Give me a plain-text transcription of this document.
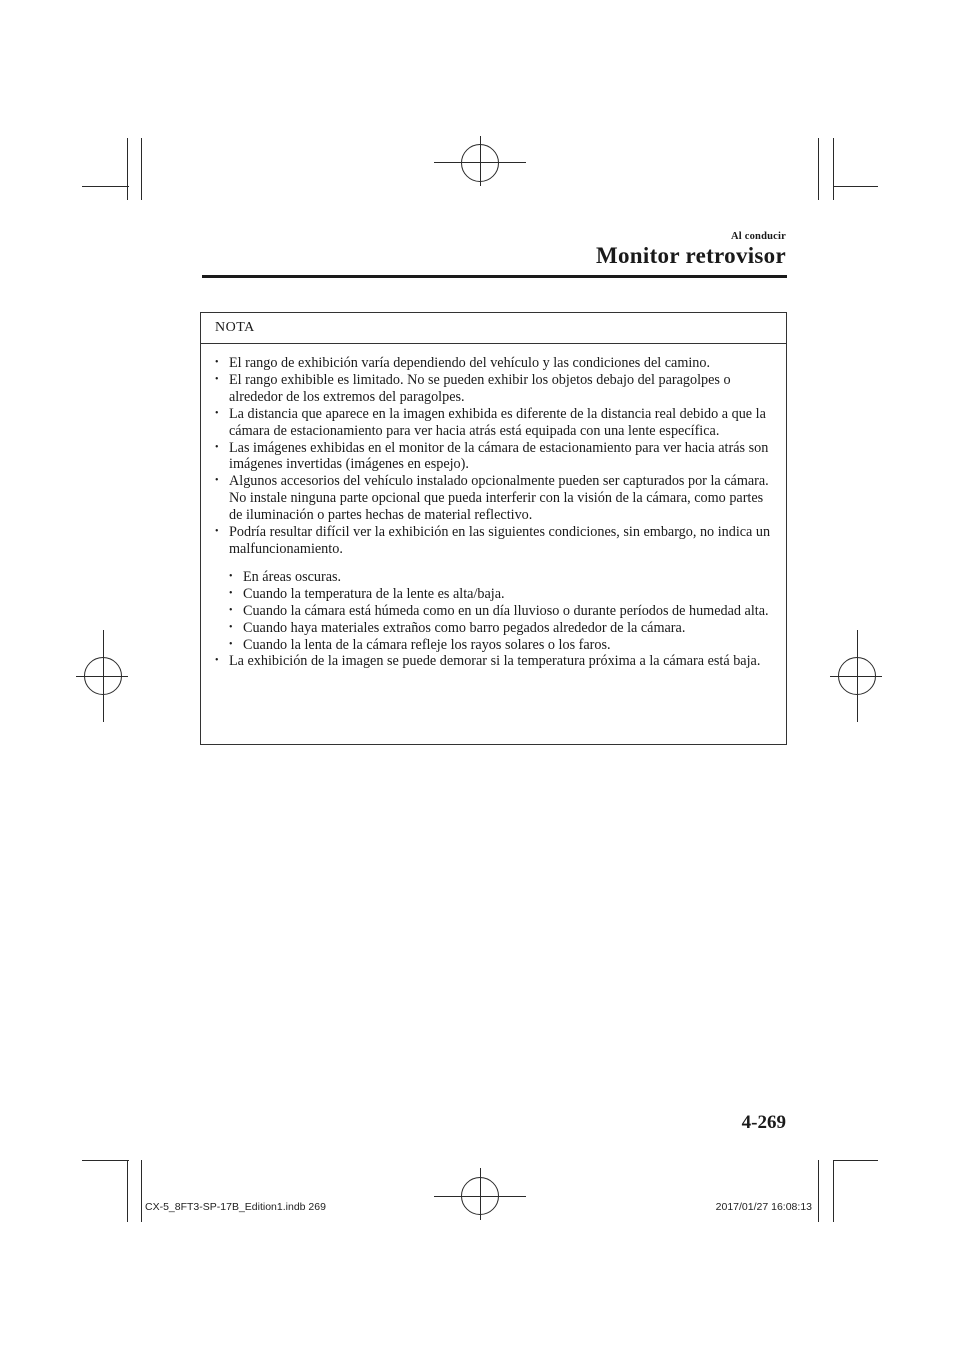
Al conducir
Monitor retrovisor
NOTA
• El rango de exhibición varía dependiendo del vehículo y las condiciones del camino.
• El rango exhibible es limitado. No se pueden exhibir los objetos debajo del paragolpes o alrededor de los extremos del paragolpes.
• La distancia que aparece en la imagen exhibida es diferente de la distancia real debido a que la cámara de estacionamiento para ver hacia atrás está equipada con una lente específica.
• Las imágenes exhibidas en el monitor de la cámara de estacionamiento para ver hacia atrás son imágenes invertidas (imágenes en espejo).
• Algunos accesorios del vehículo instalado opcionalmente pueden ser capturados por la cámara. No instale ninguna parte opcional que pueda interferir con la visión de la cámara, como partes de iluminación o partes hechas de material reflectivo.
• Podría resultar difícil ver la exhibición en las siguientes condiciones, sin embargo, no indica un malfuncionamiento.
• En áreas oscuras.
• Cuando la temperatura de la lente es alta/baja.
• Cuando la cámara está húmeda como en un día lluvioso o durante períodos de humedad alta.
• Cuando haya materiales extraños como barro pegados alrededor de la cámara.
• Cuando la lenta de la cámara refleje los rayos solares o los faros.
• La exhibición de la imagen se puede demorar si la temperatura próxima a la cámara está baja.
4-269
CX-5_8FT3-SP-17B_Edition1.indb 269	2017/01/27 16:08:13
